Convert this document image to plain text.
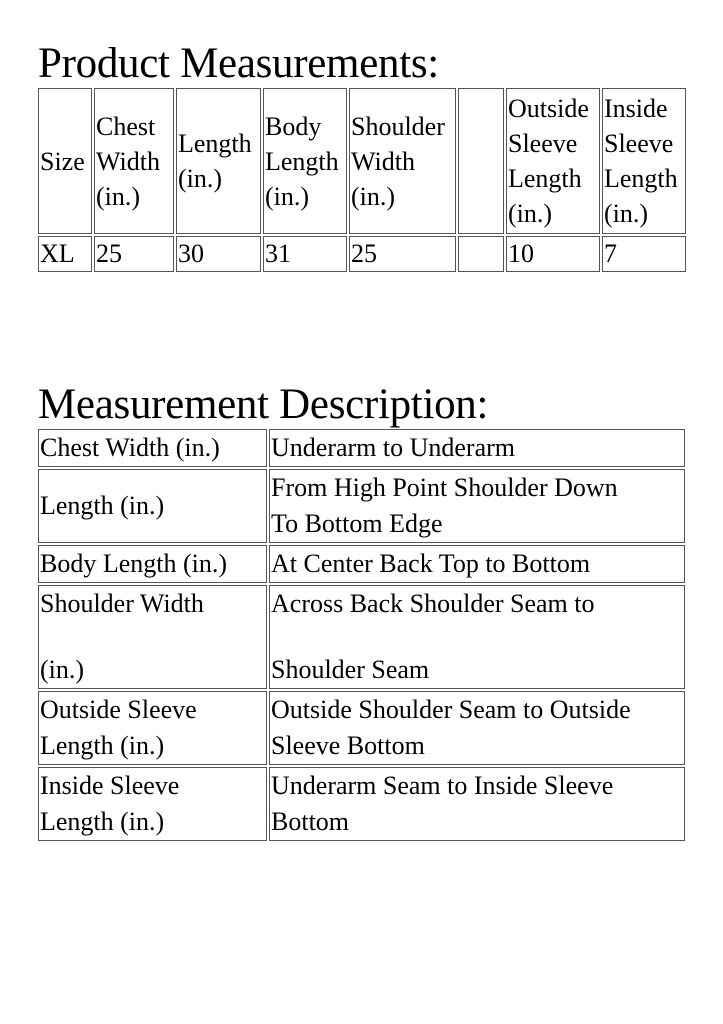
Product Measurements:
Size	Chest
Width
(in.)	Length
(in.)	Body
Length
(in.)	Shoulder
Width
(in.)		Outside
Sleeve
Length
(in.)	Inside
Sleeve
Length
(in.)
XL	25	30	31	25		10	7
Measurement Description:
Chest Width (in.)	Underarm to Underarm
Length (in.)	From High Point Shoulder Down
To Bottom Edge
Body Length (in.)	At Center Back Top to Bottom
Shoulder Width
(in.)	Across Back Shoulder Seam to
Shoulder Seam
Outside Sleeve
Length (in.)	Outside Shoulder Seam to Outside
Sleeve Bottom
Inside Sleeve
Length (in.)	Underarm Seam to Inside Sleeve
Bottom
